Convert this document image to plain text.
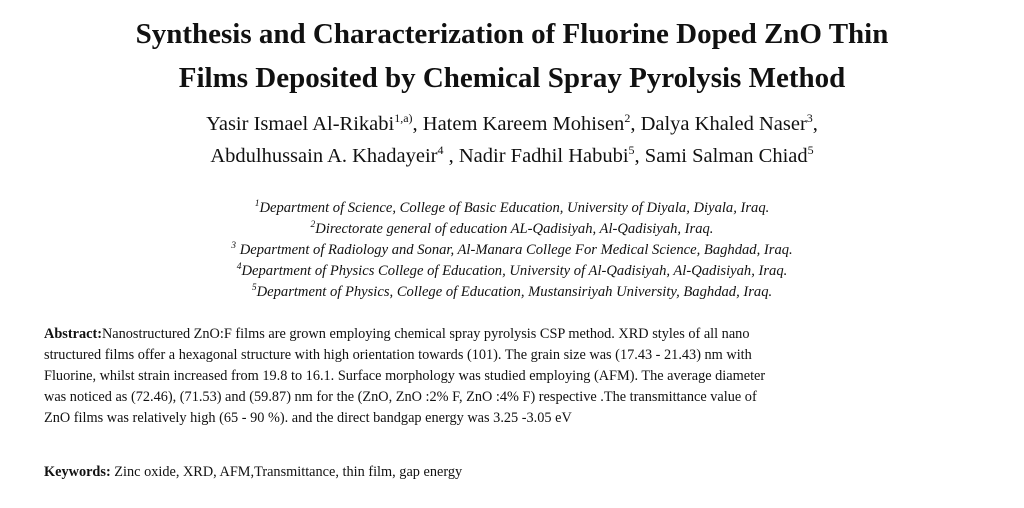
Synthesis and Characterization of Fluorine Doped ZnO Thin
Films Deposited by Chemical Spray Pyrolysis Method
Yasir Ismael Al-Rikabi$^{1,a)}$, Hatem Kareem Mohisen$^2$, Dalya Khaled Naser$^3$,
Abdulhussain A. Khadayeir$^4$ , Nadir Fadhil Habubi$^5$, Sami Salman Chiad$^5$
$^1$Department of Science, College of Basic Education, University of Diyala, Diyala, Iraq.
$^2$Directorate general of education AL-Qadisiyah, Al-Qadisiyah, Iraq.
$^3$ Department of Radiology and Sonar, Al-Manara College For Medical Science, Baghdad, Iraq.
$^4$Department of Physics College of Education, University of Al-Qadisiyah, Al-Qadisiyah, Iraq.
$^5$Department of Physics, College of Education, Mustansiriyah University, Baghdad, Iraq.
Abstract:Nanostructured ZnO:F films are grown employing chemical spray pyrolysis CSP method. XRD styles of all nano
structured films offer a hexagonal structure with high orientation towards (101). The grain size was (17.43 - 21.43) nm with
Fluorine, whilst strain increased from 19.8 to 16.1. Surface morphology was studied employing (AFM). The average diameter
was noticed as (72.46), (71.53) and (59.87) nm for the (ZnO, ZnO :2% F, ZnO :4% F) respective .The transmittance value of
ZnO films was relatively high (65 - 90 %). and the direct bandgap energy was 3.25 -3.05 eV
Keywords: Zinc oxide, XRD, AFM,Transmittance, thin film, gap energy
